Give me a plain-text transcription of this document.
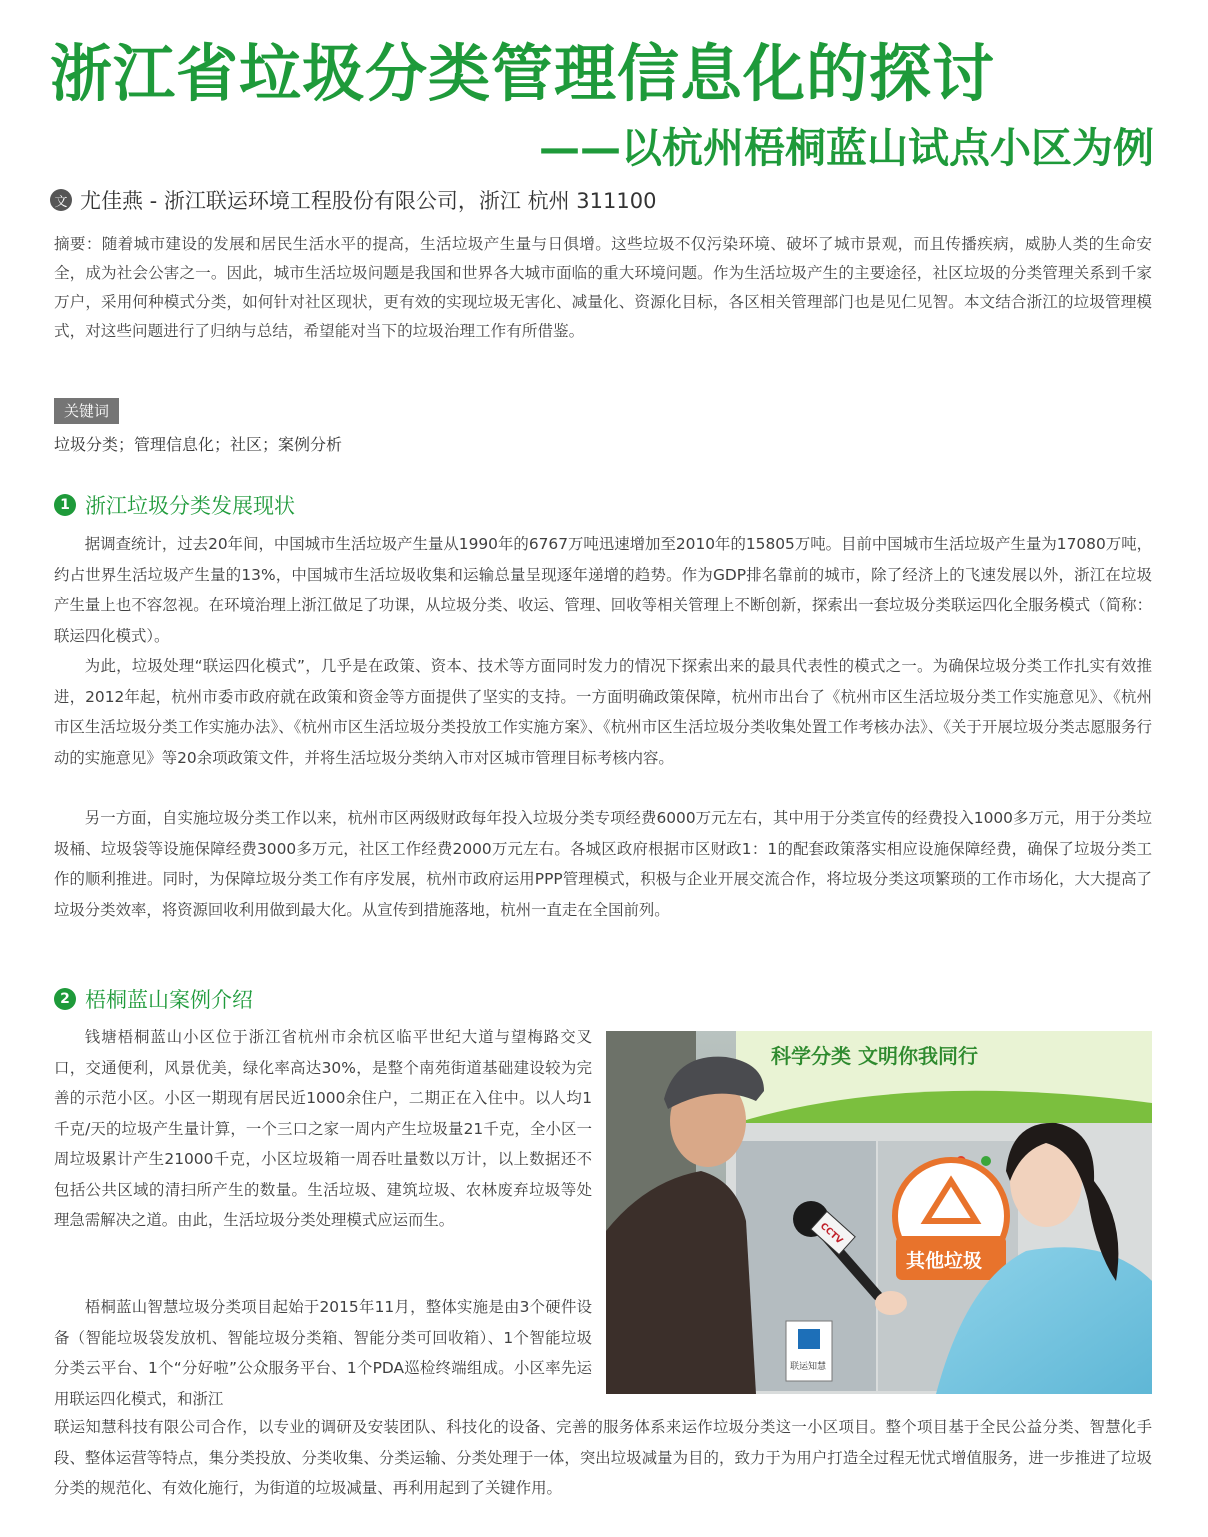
浙江省垃圾分类管理信息化的探讨
——以杭州梧桐蓝山试点小区为例
文 尤佳燕 - 浙江联运环境工程股份有限公司，浙江 杭州 311100

摘要：随着城市建设的发展和居民生活水平的提高，生活垃圾产生量与日俱增。这些垃圾不仅污染环境、破坏了城市景观，而且传播疾病，威胁人类的生命安全，成为社会公害之一。因此，城市生活垃圾问题是我国和世界各大城市面临的重大环境问题。作为生活垃圾产生的主要途径，社区垃圾的分类管理关系到千家万户，采用何种模式分类，如何针对社区现状，更有效的实现垃圾无害化、减量化、资源化目标，各区相关管理部门也是见仁见智。本文结合浙江的垃圾管理模式，对这些问题进行了归纳与总结，希望能对当下的垃圾治理工作有所借鉴。

关键词
垃圾分类；管理信息化；社区；案例分析
1 浙江垃圾分类发展现状

据调查统计，过去20年间，中国城市生活垃圾产生量从1990年的6767万吨迅速增加至2010年的15805万吨。目前中国城市生活垃圾产生量为17080万吨，约占世界生活垃圾产生量的13%，中国城市生活垃圾收集和运输总量呈现逐年递增的趋势。作为GDP排名靠前的城市，除了经济上的飞速发展以外，浙江在垃圾产生量上也不容忽视。在环境治理上浙江做足了功课，从垃圾分类、收运、管理、回收等相关管理上不断创新，探索出一套垃圾分类联运四化全服务模式（简称：联运四化模式）。

为此，垃圾处理“联运四化模式”，几乎是在政策、资本、技术等方面同时发力的情况下探索出来的最具代表性的模式之一。为确保垃圾分类工作扎实有效推进，2012年起，杭州市委市政府就在政策和资金等方面提供了坚实的支持。一方面明确政策保障，杭州市出台了《杭州市区生活垃圾分类工作实施意见》、《杭州市区生活垃圾分类工作实施办法》、《杭州市区生活垃圾分类投放工作实施方案》、《杭州市区生活垃圾分类收集处置工作考核办法》、《关于开展垃圾分类志愿服务行动的实施意见》等20余项政策文件，并将生活垃圾分类纳入市对区城市管理目标考核内容。

另一方面，自实施垃圾分类工作以来，杭州市区两级财政每年投入垃圾分类专项经费6000万元左右，其中用于分类宣传的经费投入1000多万元，用于分类垃圾桶、垃圾袋等设施保障经费3000多万元，社区工作经费2000万元左右。各城区政府根据市区财政1：1的配套政策落实相应设施保障经费，确保了垃圾分类工作的顺利推进。同时，为保障垃圾分类工作有序发展，杭州市政府运用PPP管理模式，积极与企业开展交流合作，将垃圾分类这项繁琐的工作市场化，大大提高了垃圾分类效率，将资源回收利用做到最大化。从宣传到措施落地，杭州一直走在全国前列。

2 梧桐蓝山案例介绍

钱塘梧桐蓝山小区位于浙江省杭州市余杭区临平世纪大道与望梅路交叉口，交通便利，风景优美，绿化率高达30%，是整个南苑街道基础建设较为完善的示范小区。小区一期现有居民近1000余住户，二期正在入住中。以人均1千克/天的垃圾产生量计算，一个三口之家一周内产生垃圾量21千克，全小区一周垃圾累计产生21000千克，小区垃圾箱一周吞吐量数以万计，以上数据还不包括公共区域的清扫所产生的数量。生活垃圾、建筑垃圾、农林废弃垃圾等处理急需解决之道。由此，生活垃圾分类处理模式应运而生。

梧桐蓝山智慧垃圾分类项目起始于2015年11月，整体实施是由3个硬件设备（智能垃圾袋发放机、智能垃圾分类箱、智能分类可回收箱）、1个智能垃圾分类云平台、1个“分好啦”公众服务平台、1个PDA巡检终端组成。小区率先运用联运四化模式，和浙江

联运知慧科技有限公司合作，以专业的调研及安装团队、科技化的设备、完善的服务体系来运作垃圾分类这一小区项目。整个项目基于全民公益分类、智慧化手段、整体运营等特点，集分类投放、分类收集、分类运输、分类处理于一体，突出垃圾减量为目的，致力于为用户打造全过程无忧式增值服务，进一步推进了垃圾分类的规范化、有效化施行，为街道的垃圾减量、再利用起到了关键作用。

科学分类 文明你我同行
其他垃圾
联运知慧
CCTV
